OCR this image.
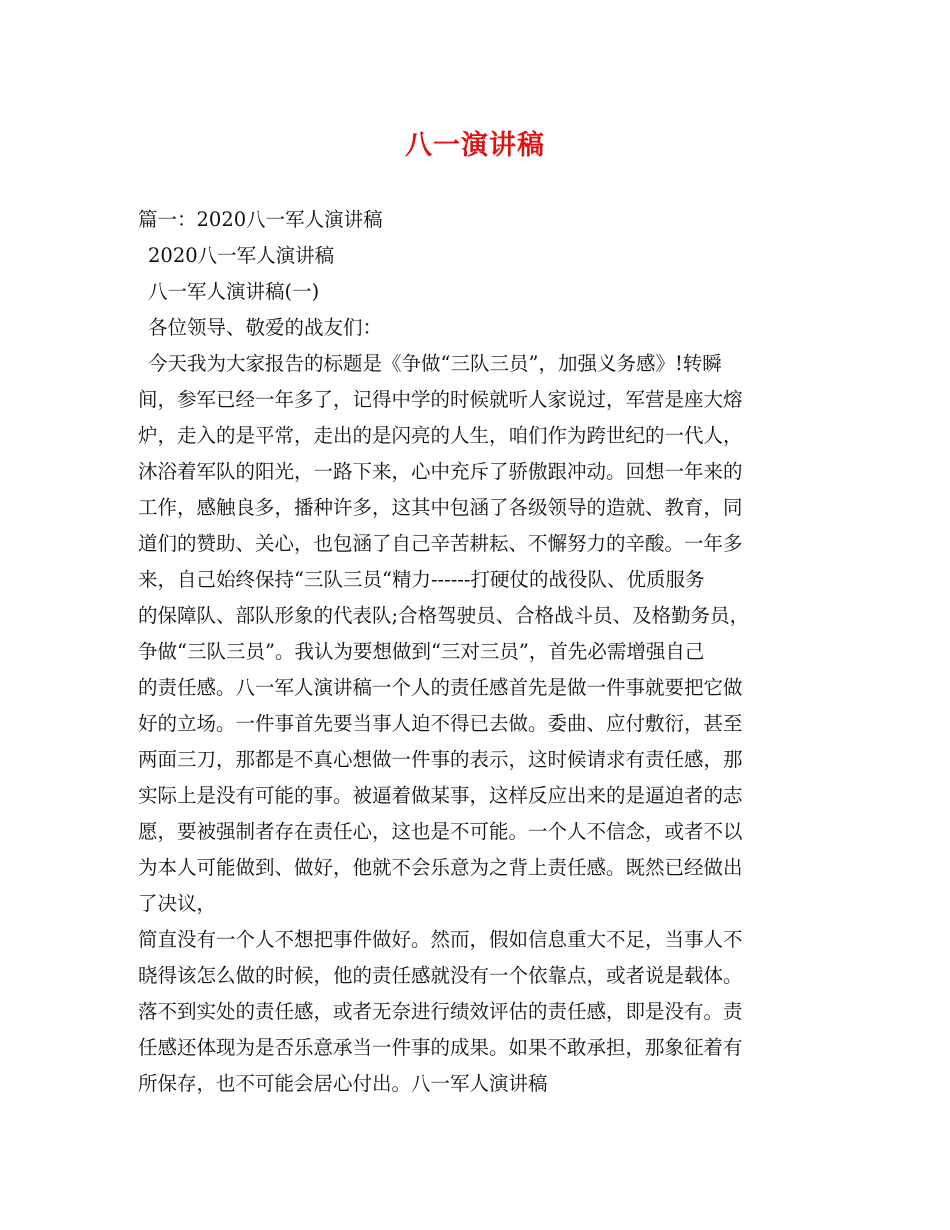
八一演讲稿
篇一：2020八一军人演讲稿
2020八一军人演讲稿
八一军人演讲稿(一)
各位领导、敬爱的战友们：
今天我为大家报告的标题是《争做“三队三员”，加强义务感》!转瞬
间，参军已经一年多了，记得中学的时候就听人家说过，军营是座大熔
炉，走入的是平常，走出的是闪亮的人生，咱们作为跨世纪的一代人，
沐浴着军队的阳光，一路下来，心中充斥了骄傲跟冲动。回想一年来的
工作，感触良多，播种许多，这其中包涵了各级领导的造就、教育，同
道们的赞助、关心，也包涵了自己辛苦耕耘、不懈努力的辛酸。一年多
来，自己始终保持“三队三员“精力------打硬仗的战役队、优质服务
的保障队、部队形象的代表队;合格驾驶员、合格战斗员、及格勤务员，
争做“三队三员”。我认为要想做到“三对三员”，首先必需增强自己
的责任感。八一军人演讲稿一个人的责任感首先是做一件事就要把它做
好的立场。一件事首先要当事人迫不得已去做。委曲、应付敷衍，甚至
两面三刀，那都是不真心想做一件事的表示，这时候请求有责任感，那
实际上是没有可能的事。被逼着做某事，这样反应出来的是逼迫者的志
愿，要被强制者存在责任心，这也是不可能。一个人不信念，或者不以
为本人可能做到、做好，他就不会乐意为之背上责任感。既然已经做出
了决议，
简直没有一个人不想把事件做好。然而，假如信息重大不足，当事人不
晓得该怎么做的时候，他的责任感就没有一个依靠点，或者说是载体。
落不到实处的责任感，或者无奈进行绩效评估的责任感，即是没有。责
任感还体现为是否乐意承当一件事的成果。如果不敢承担，那象征着有
所保存，也不可能会居心付出。八一军人演讲稿
